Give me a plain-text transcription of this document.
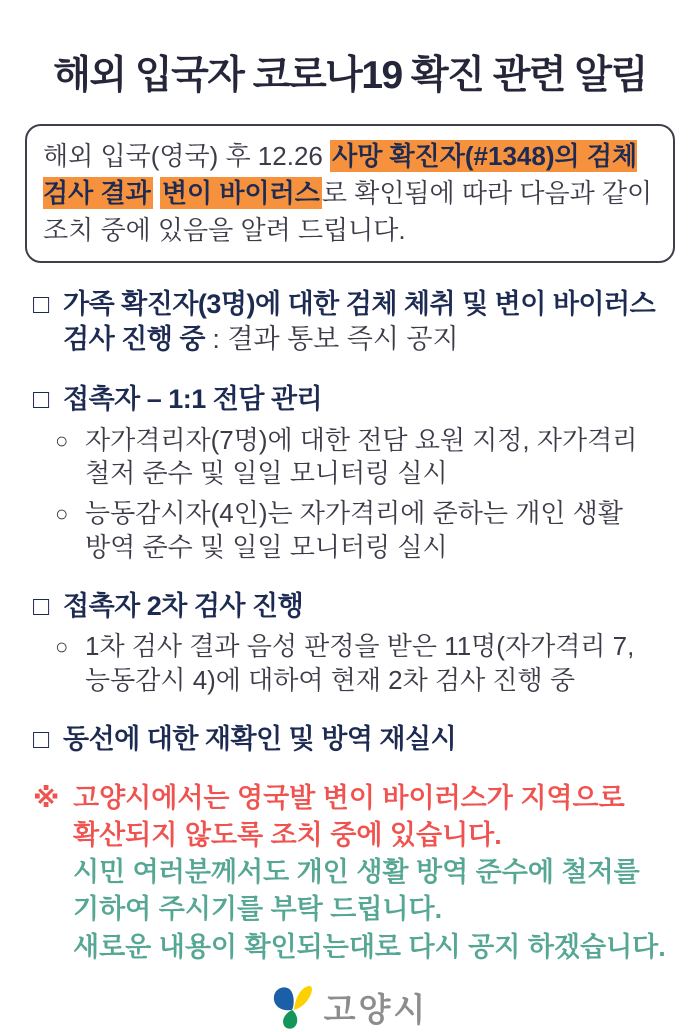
해외 입국자 코로나19 확진 관련 알림

해외 입국(영국) 후 12.26 사망 확진자(#1348)의 검체 검사 결과 변이 바이러스로 확인됨에 따라 다음과 같이 조치 중에 있음을 알려 드립니다.

□ 가족 확진자(3명)에 대한 검체 체취 및 변이 바이러스 검사 진행 중 : 결과 통보 즉시 공지
□ 접촉자 – 1:1 전담 관리
○ 자가격리자(7명)에 대한 전담 요원 지정, 자가격리 철저 준수 및 일일 모니터링 실시
○ 능동감시자(4인)는 자가격리에 준하는 개인 생활 방역 준수 및 일일 모니터링 실시
□ 접촉자 2차 검사 진행
○ 1차 검사 결과 음성 판정을 받은 11명(자가격리 7, 능동감시 4)에 대하여 현재 2차 검사 진행 중
□ 동선에 대한 재확인 및 방역 재실시
※ 고양시에서는 영국발 변이 바이러스가 지역으로 확산되지 않도록 조치 중에 있습니다.

시민 여러분께서도 개인 생활 방역 준수에 철저를 기하여 주시기를 부탁 드립니다.

새로운 내용이 확인되는대로 다시 공지 하겠습니다.

고양시
